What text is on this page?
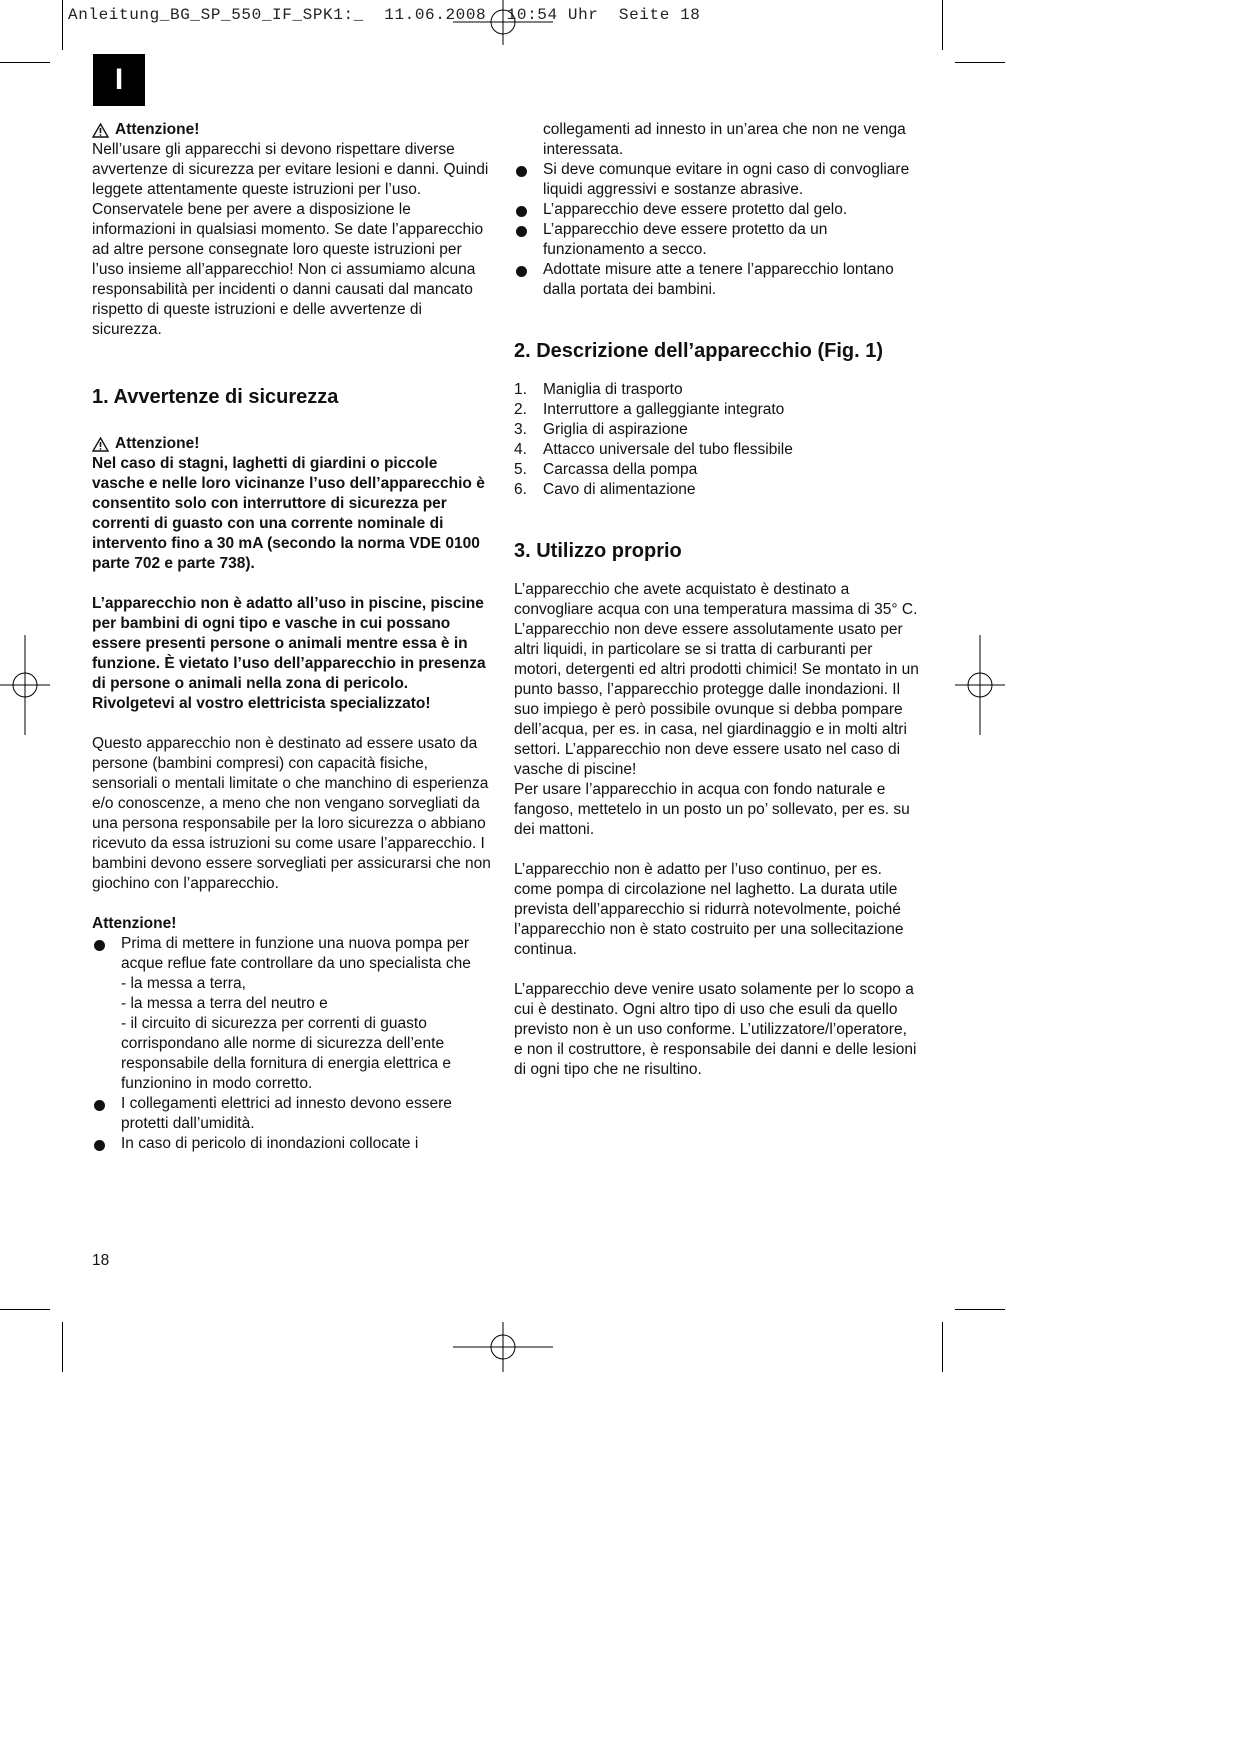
Anleitung_BG_SP_550_IF_SPK1:_  11.06.2008  10:54 Uhr  Seite 18
I
Attenzione!

Nell’usare gli apparecchi si devono rispettare diverse avvertenze di sicurezza per evitare lesioni e danni. Quindi leggete attentamente queste istruzioni per l’uso. Conservatele bene per avere a disposizione le informazioni in qualsiasi momento. Se date l’apparecchio ad altre persone consegnate loro queste istruzioni per l’uso insieme all’apparecchio! Non ci assumiamo alcuna responsabilità per incidenti o danni causati dal mancato rispetto di queste istruzioni e delle avvertenze di sicurezza.

1. Avvertenze di sicurezza
Attenzione!

Nel caso di stagni, laghetti di giardini o piccole vasche e nelle loro vicinanze l’uso dell’apparecchio è consentito solo con interruttore di sicurezza per correnti di guasto con una corrente nominale di intervento fino a 30 mA (secondo la norma VDE 0100 parte 702 e parte 738).

L’apparecchio non è adatto all’uso in piscine, piscine per bambini di ogni tipo e vasche in cui possano essere presenti persone o animali mentre essa è in funzione. È vietato l’uso dell’apparecchio in presenza di persone o animali nella zona di pericolo. Rivolgetevi al vostro elettricista specializzato!

Questo apparecchio non è destinato ad essere usato da persone (bambini compresi) con capacità fisiche, sensoriali o mentali limitate o che manchino di esperienza e/o conoscenze, a meno che non vengano sorvegliati da una persona responsabile per la loro sicurezza o abbiano ricevuto da essa istruzioni su come usare l’apparecchio. I bambini devono essere sorvegliati per assicurarsi che non giochino con l’apparecchio.

Attenzione!

Prima di mettere in funzione una nuova pompa per acque reflue fate controllare da uno specialista che
- la messa a terra,
- la messa a terra del neutro e
- il circuito di sicurezza per correnti di guasto corrispondano alle norme di sicurezza dell’ente responsabile della fornitura di energia elettrica e funzionino in modo corretto.
I collegamenti elettrici ad innesto devono essere protetti dall’umidità.
In caso di pericolo di inondazioni collocate i

collegamenti ad innesto in un’area che non ne venga interessata.

Si deve comunque evitare in ogni caso di convogliare liquidi aggressivi e sostanze abrasive.
L’apparecchio deve essere protetto dal gelo.
L’apparecchio deve essere protetto da un funzionamento a secco.
Adottate misure atte a tenere l’apparecchio lontano dalla portata dei bambini.
2. Descrizione dell’apparecchio (Fig. 1)
1.	Maniglia di trasporto
2.	Interruttore a galleggiante integrato
3.	Griglia di aspirazione
4.	Attacco universale del tubo flessibile
5.	Carcassa della pompa
6.	Cavo di alimentazione
3. Utilizzo proprio

L’apparecchio che avete acquistato è destinato a convogliare acqua con una temperatura massima di 35° C. L’apparecchio non deve essere assolutamente usato per altri liquidi, in particolare se si tratta di carburanti per motori, detergenti ed altri prodotti chimici! Se montato in un punto basso, l’apparecchio protegge dalle inondazioni. Il suo impiego è però possibile ovunque si debba pompare dell’acqua, per es. in casa, nel giardinaggio e in molti altri settori. L’apparecchio non deve essere usato nel caso di vasche di piscine!

Per usare l’apparecchio in acqua con fondo naturale e fangoso, mettetelo in un posto un po’ sollevato, per es. su dei mattoni.

L’apparecchio non è adatto per l’uso continuo, per es. come pompa di circolazione nel laghetto. La durata utile prevista dell’apparecchio si ridurrà notevolmente, poiché l’apparecchio non è stato costruito per una sollecitazione continua.

L’apparecchio deve venire usato solamente per lo scopo a cui è destinato. Ogni altro tipo di uso che esuli da quello previsto non è un uso conforme. L’utilizzatore/l’operatore, e non il costruttore, è responsabile dei danni e delle lesioni di ogni tipo che ne risultino.

18
